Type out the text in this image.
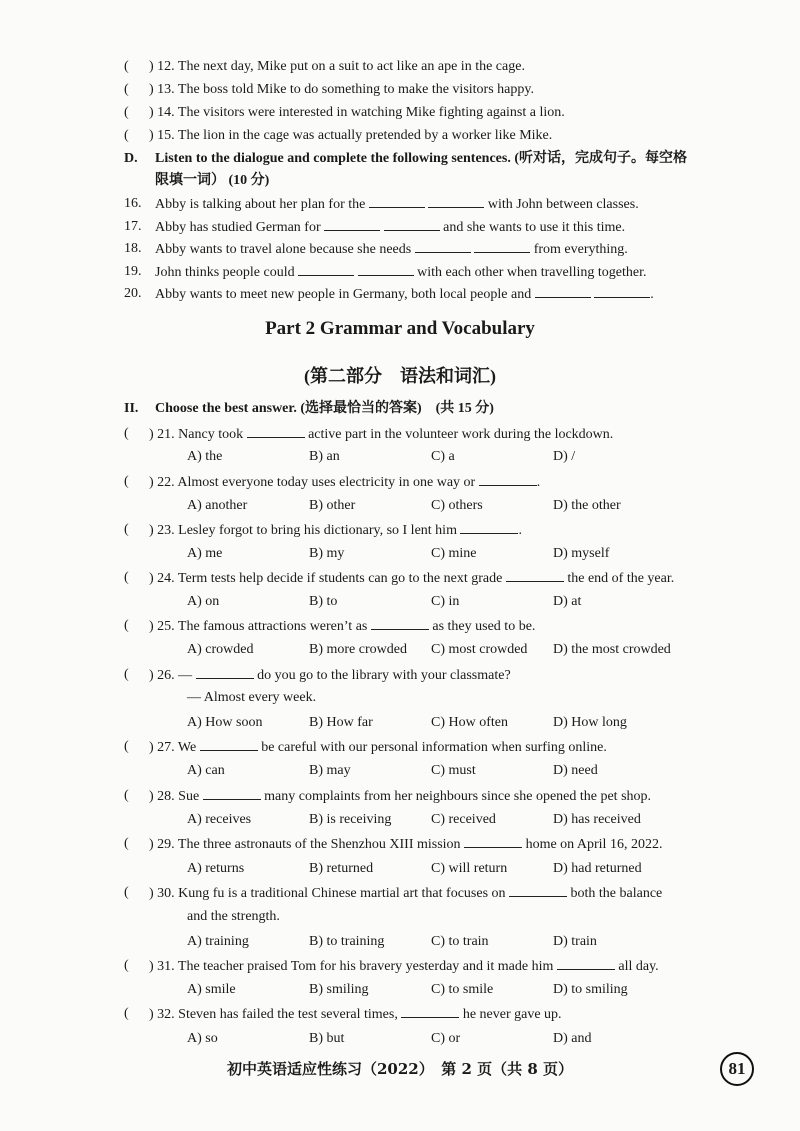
( ) 12. The next day, Mike put on a suit to act like an ape in the cage.
( ) 13. The boss told Mike to do something to make the visitors happy.
( ) 14. The visitors were interested in watching Mike fighting against a lion.
( ) 15. The lion in the cage was actually pretended by a worker like Mike.
D. Listen to the dialogue and complete the following sentences. (听对话，完成句子。每空格
限填一词） (10 分)
16. Abby is talking about her plan for the	with John between classes.
17. Abby has studied German for	and she wants to use it this time.
18. Abby wants to travel alone because she needs	from everything.
19. John thinks people could	with each other when travelling together.
20. Abby wants to meet new people in Germany, both local people and	.
Part 2 Grammar and Vocabulary
(第二部分　语法和词汇)
II. Choose the best answer. (选择最恰当的答案)　(共 15 分)
( ) 21. Nancy took	active part in the volunteer work during the lockdown.
A) the	B) an	C) a	D) /
( ) 22. Almost everyone today uses electricity in one way or	.
A) another	B) other	C) others	D) the other
( ) 23. Lesley forgot to bring his dictionary, so I lent him	.
A) me	B) my	C) mine	D) myself
( ) 24. Term tests help decide if students can go to the next grade	the end of the year.
A) on	B) to	C) in	D) at
( ) 25. The famous attractions weren’t as	as they used to be.
A) crowded	B) more crowded C) most crowded D) the most crowded
( ) 26. —	do you go to the library with your classmate?
— Almost every week.
A) How soon	B) How far	C) How often	D) How long
( ) 27. We	be careful with our personal information when surfing online.
A) can	B) may	C) must	D) need
( ) 28. Sue	many complaints from her neighbours since she opened the pet shop.
A) receives	B) is receiving	C) received	D) has received
( ) 29. The three astronauts of the Shenzhou XIII mission	home on April 16, 2022.
A) returns	B) returned	C) will return	D) had returned
( ) 30. Kung fu is a traditional Chinese martial art that focuses on	both the balance
and the strength.
A) training	B) to training	C) to train	D) train
( ) 31. The teacher praised Tom for his bravery yesterday and it made him	all day.
A) smile	B) smiling	C) to smile	D) to smiling
( ) 32. Steven has failed the test several times,	he never gave up.
A) so	B) but	C) or	D) and
初中英语适应性练习（2022）　第 2 页（共 8 页）	81
